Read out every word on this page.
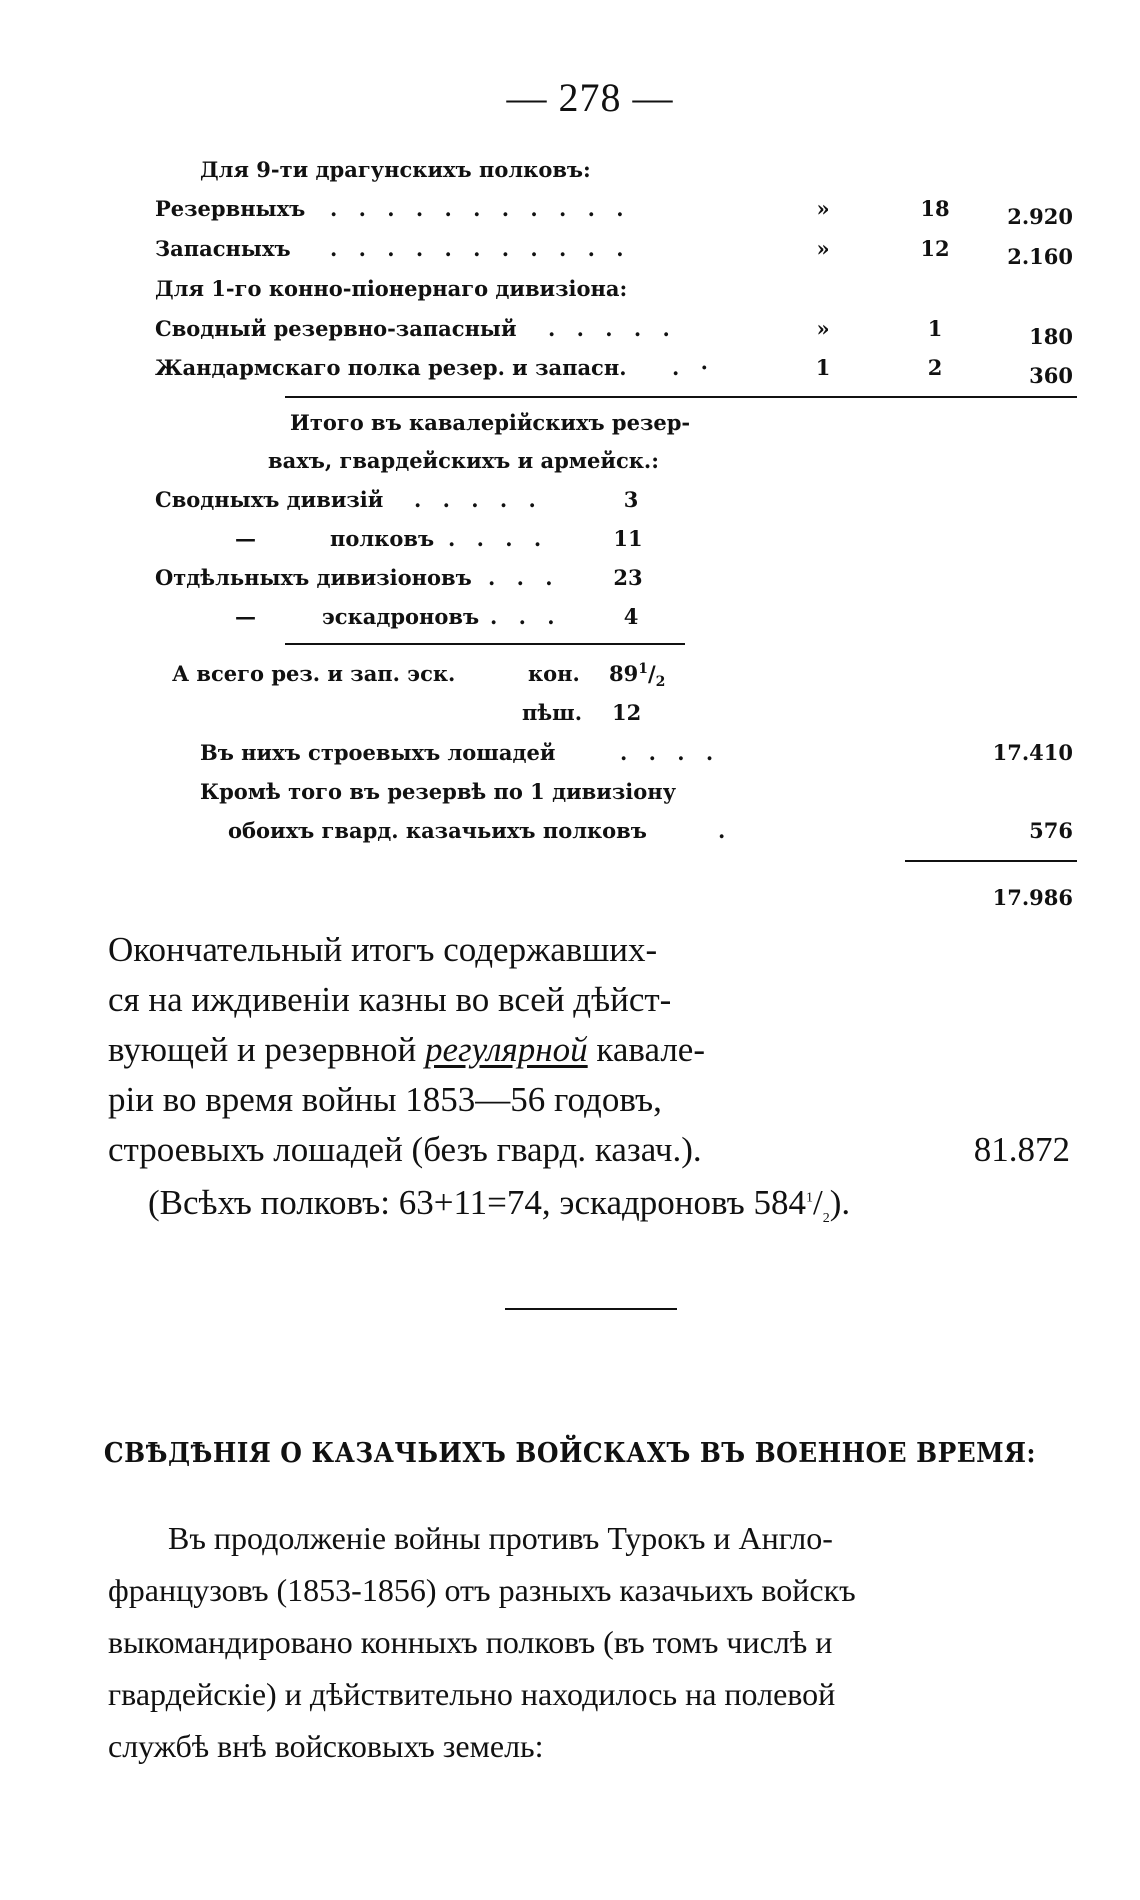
— 278 —
Для 9-ти драгунскихъ полковъ:
Резервныхъ . . . . . . . . . . .	»	18	2.920
Запасныхъ . . . . . . . . . . .	»	12	2.160
Для 1-го конно-піонернаго дивизіона:
Сводный резервно-запасный . . . . .	»	1	180
Жандармскаго полка резер. и запасн. . ·	1	2	360
Итого въ кавалерійскихъ резер-
вахъ, гвардейскихъ и армейск.:
Сводныхъ дивизій . . . . .	3
—	полковъ . . . .	11
Отдѣльныхъ дивизіоновъ . . .	23
—	эскадроновъ . . .	4
А всего рез. и зап. эск.	кон. $89^1/_2$
пѣш. 12
Въ нихъ строевыхъ лошадей	. . . .	17.410
Кромѣ того въ резервѣ по 1 дивизіону
обоихъ гвард. казачьихъ полковъ	.	576
17.986
Окончательный итогъ содержавших-
ся на иждивеніи казны во всей дѣйст-
вующей и резервной регулярной кавале-
ріи во время войны 1853—56 годовъ,
строевыхъ лошадей (безъ гвард. казач.).	81.872
(Всѣхъ полковъ: 63+11=74, эскадроновъ $584^1/_2$).
СВѢДѢНІЯ О КАЗАЧЬИХЪ ВОЙСКАХЪ ВЪ ВОЕННОЕ ВРЕМЯ:
Въ продолженіе войны противъ Турокъ и Англо-
французовъ (1853-1856) отъ разныхъ казачьихъ войскъ
выкомандировано конныхъ полковъ (въ томъ числѣ и
гвардейскіе) и дѣйствительно находилось на полевой
службѣ внѣ войсковыхъ земель:
